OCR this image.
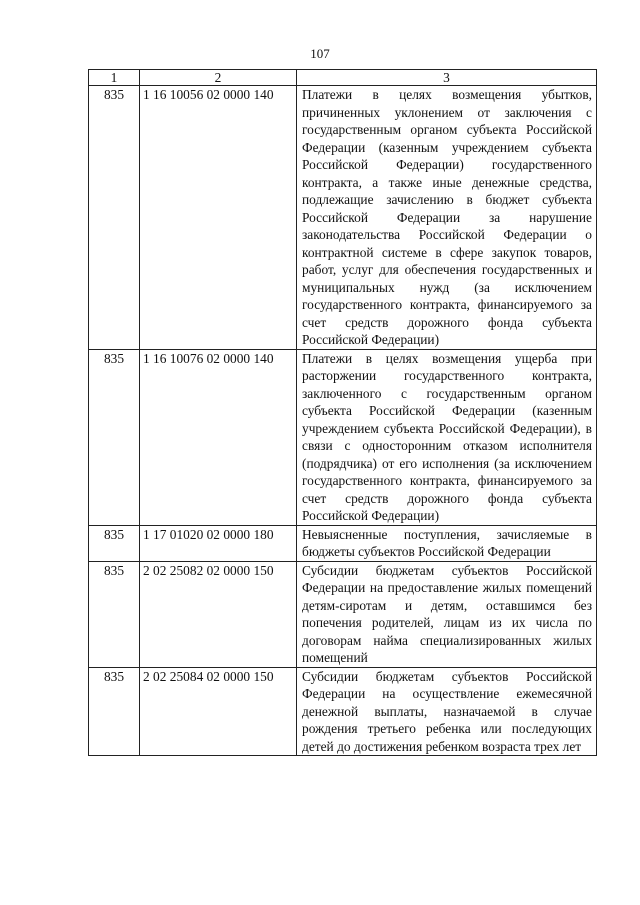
107
1	2	3
835	1 16 10056 02 0000 140	Платежи в целях возмещения убытков, причиненных уклонением от заключения с государственным органом субъекта Российской Федерации (казенным учреждением субъекта Российской Федерации) государственного контракта, а также иные денежные средства, подлежащие зачислению в бюджет субъекта Российской Федерации за нарушение законодательства Российской Федерации о контрактной системе в сфере закупок товаров, работ, услуг для обеспечения государственных и муниципальных нужд (за исключением государственного контракта, финансируемого за счет средств дорожного фонда субъекта Российской Федерации)
835	1 16 10076 02 0000 140	Платежи в целях возмещения ущерба при расторжении государственного контракта, заключенного с государственным органом субъекта Российской Федерации (казенным учреждением субъекта Российской Федерации), в связи с односторонним отказом исполнителя (подрядчика) от его исполнения (за исключением государственного контракта, финансируемого за счет средств дорожного фонда субъекта Российской Федерации)
835	1 17 01020 02 0000 180	Невыясненные поступления, зачисляемые в бюджеты субъектов Российской Федерации
835	2 02 25082 02 0000 150	Субсидии бюджетам субъектов Российской Федерации на предоставление жилых помещений детям-сиротам и детям, оставшимся без попечения родителей, лицам из их числа по договорам найма специализированных жилых помещений
835	2 02 25084 02 0000 150	Субсидии бюджетам субъектов Российской Федерации на осуществление ежемесячной денежной выплаты, назначаемой в случае рождения третьего ребенка или последующих детей до достижения ребенком возраста трех лет
